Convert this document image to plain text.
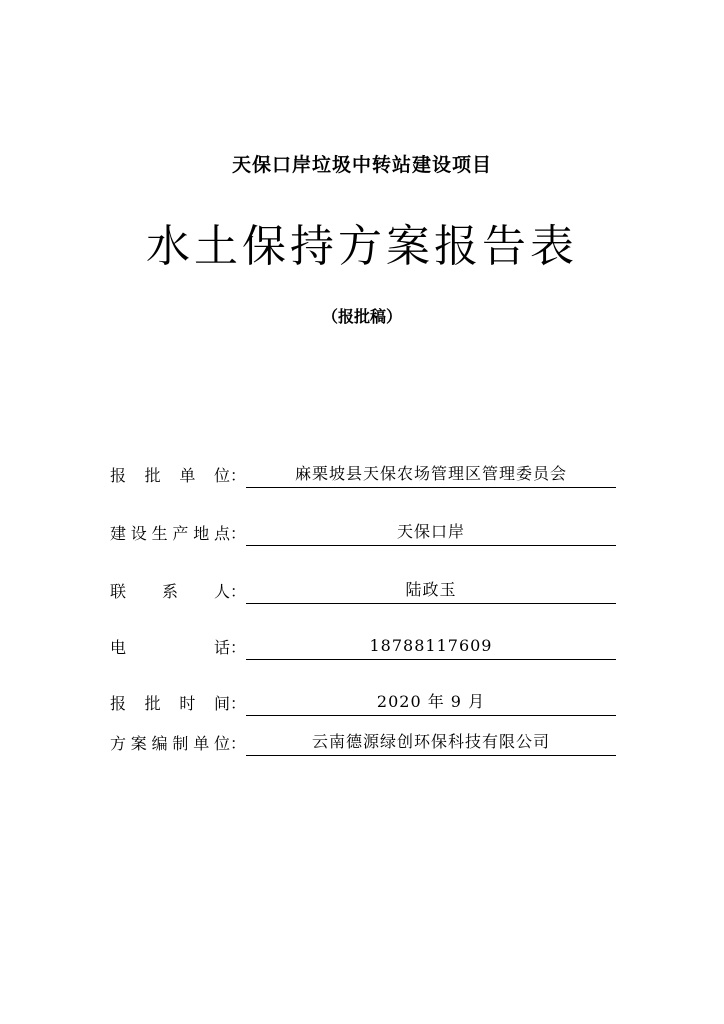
天保口岸垃圾中转站建设项目
水土保持方案报告表
（报批稿）
报 批 单 位：	麻栗坡县天保农场管理区管理委员会
建 设 生 产 地 点：	天保口岸
联 系 人：	陆政玉
电	话：	18788117609
报 批 时 间：	2020 年 9 月
方 案 编 制 单 位：	云南德源绿创环保科技有限公司
